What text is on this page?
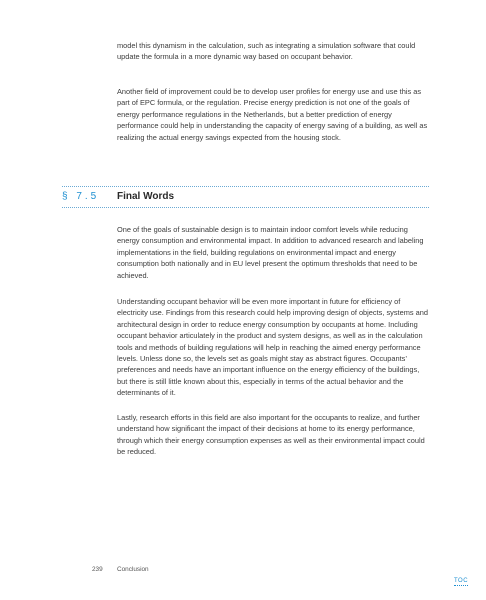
model this dynamism in the calculation, such as integrating a simulation software that could update the formula in a more dynamic way based on occupant behavior.

Another field of improvement could be to develop user profiles for energy use and use this as part of EPC formula, or the regulation. Precise energy prediction is not one of the goals of energy performance regulations in the Netherlands, but a better prediction of energy performance could help in understanding the capacity of energy saving of a building, as well as realizing the actual energy savings expected from the housing stock.

§ 7.5 Final Words

One of the goals of sustainable design is to maintain indoor comfort levels while reducing energy consumption and environmental impact. In addition to advanced research and labeling implementations in the field, building regulations on environmental impact and energy consumption both nationally and in EU level present the optimum thresholds that need to be achieved.

Understanding occupant behavior will be even more important in future for efficiency of electricity use. Findings from this research could help improving design of objects, systems and architectural design in order to reduce energy consumption by occupants at home. Including occupant behavior articulately in the product and system designs, as well as in the calculation tools and methods of building regulations will help in reaching the aimed energy performance levels. Unless done so, the levels set as goals might stay as abstract figures. Occupants’ preferences and needs have an important influence on the energy efficiency of the buildings, but there is still little known about this, especially in terms of the actual behavior and the determinants of it.

Lastly, research efforts in this field are also important for the occupants to realize, and further understand how significant the impact of their decisions at home to its energy performance, through which their energy consumption expenses as well as their environmental impact could be reduced.

239 Conclusion
TOC
